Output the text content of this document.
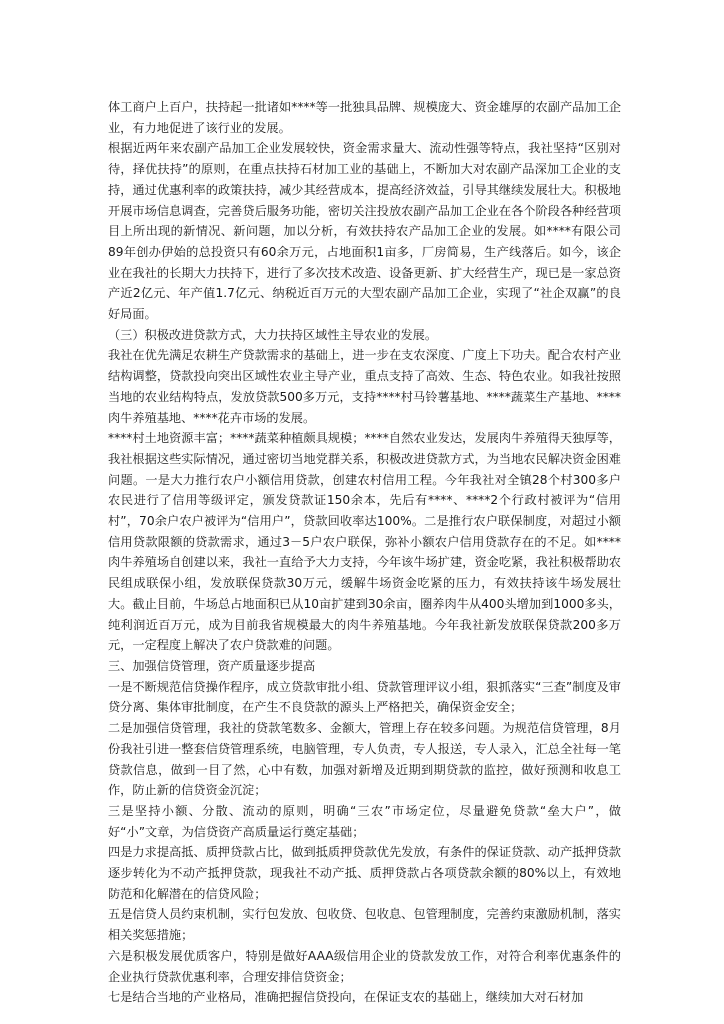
体工商户上百户，扶持起一批诸如****等一批独具品牌、规模庞大、资金雄厚的农副产品加工企业，有力地促进了该行业的发展。

根据近两年来农副产品加工企业发展较快，资金需求量大、流动性强等特点，我社坚持“区别对待，择优扶持”的原则，在重点扶持石材加工业的基础上，不断加大对农副产品深加工企业的支持，通过优惠利率的政策扶持，减少其经营成本，提高经济效益，引导其继续发展壮大。积极地开展市场信息调查，完善贷后服务功能，密切关注投放农副产品加工企业在各个阶段各种经营项目上所出现的新情况、新问题，加以分析，有效扶持农产品加工企业的发展。如****有限公司89年创办伊始的总投资只有60余万元，占地面积1亩多，厂房简易，生产线落后。如今，该企业在我社的长期大力扶持下，进行了多次技术改造、设备更新、扩大经营生产，现已是一家总资产近2亿元、年产值1.7亿元、纳税近百万元的大型农副产品加工企业，实现了“社企双赢”的良好局面。

（三）积极改进贷款方式，大力扶持区域性主导农业的发展。

我社在优先满足农耕生产贷款需求的基础上，进一步在支农深度、广度上下功夫。配合农村产业结构调整，贷款投向突出区域性农业主导产业，重点支持了高效、生态、特色农业。如我社按照当地的农业结构特点，发放贷款500多万元，支持****村马铃薯基地、****蔬菜生产基地、****肉牛养殖基地、****花卉市场的发展。

****村土地资源丰富；****蔬菜种植颇具规模；****自然农业发达，发展肉牛养殖得天独厚等，我社根据这些实际情况，通过密切当地党群关系，积极改进贷款方式，为当地农民解决资金困难问题。一是大力推行农户小额信用贷款，创建农村信用工程。今年我社对全镇28个村300多户农民进行了信用等级评定，颁发贷款证150余本，先后有****、****2个行政村被评为“信用村”，70余户农户被评为“信用户”，贷款回收率达100%。二是推行农户联保制度，对超过小额信用贷款限额的贷款需求，通过3－5户农户联保，弥补小额农户信用贷款存在的不足。如****肉牛养殖场自创建以来，我社一直给予大力支持，今年该牛场扩建，资金吃紧，我社积极帮助农民组成联保小组，发放联保贷款30万元，缓解牛场资金吃紧的压力，有效扶持该牛场发展壮大。截止目前，牛场总占地面积已从10亩扩建到30余亩，圈养肉牛从400头增加到1000多头，纯利润近百万元，成为目前我省规模最大的肉牛养殖基地。今年我社新发放联保贷款200多万元，一定程度上解决了农户贷款难的问题。

三、加强信贷管理，资产质量逐步提高

一是不断规范信贷操作程序，成立贷款审批小组、贷款管理评议小组，狠抓落实“三查”制度及审贷分离、集体审批制度，在产生不良贷款的源头上严格把关，确保资金安全；

二是加强信贷管理，我社的贷款笔数多、金额大，管理上存在较多问题。为规范信贷管理，8月份我社引进一整套信贷管理系统，电脑管理，专人负责，专人报送，专人录入，汇总全社每一笔贷款信息，做到一目了然，心中有数，加强对新增及近期到期贷款的监控，做好预测和收息工作，防止新的信贷资金沉淀；

三是坚持小额、分散、流动的原则，明确“三农”市场定位，尽量避免贷款“垒大户”，做好“小”文章，为信贷资产高质量运行奠定基础；

四是力求提高抵、质押贷款占比，做到抵质押贷款优先发放，有条件的保证贷款、动产抵押贷款逐步转化为不动产抵押贷款，现我社不动产抵、质押贷款占各项贷款余额的80%以上，有效地防范和化解潜在的信贷风险；

五是信贷人员约束机制，实行包发放、包收贷、包收息、包管理制度，完善约束激励机制，落实相关奖惩措施；

六是积极发展优质客户，特别是做好AAA级信用企业的贷款发放工作，对符合利率优惠条件的企业执行贷款优惠利率，合理安排信贷资金；

七是结合当地的产业格局，准确把握信贷投向，在保证支农的基础上，继续加大对石材加
